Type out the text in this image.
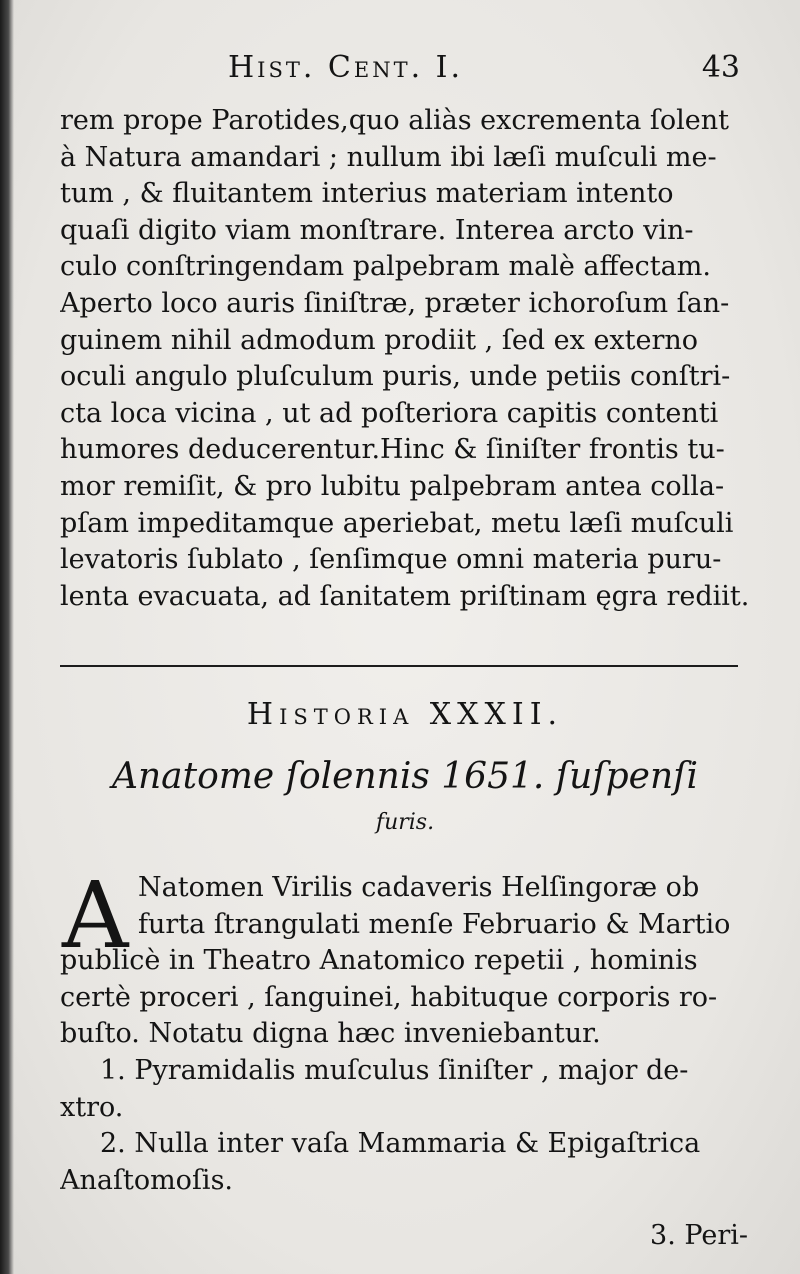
Hist. Cent. I.	43
rem prope Parotides,quo aliàs excrementa ſolent
à Natura amandari ; nullum ibi læſi muſculi me-
tum , & fluitantem interius materiam intento
quaſi digito viam monſtrare. Interea arcto vin-
culo conſtringendam palpebram malè affectam.
Aperto loco auris ſiniſtræ, præter ichoroſum ſan-
guinem nihil admodum prodiit , ſed ex externo
oculi angulo pluſculum puris, unde petiis conſtri-
cta loca vicina , ut ad poſteriora capitis contenti
humores deducerentur.Hinc & ſiniſter frontis tu-
mor remiſit, & pro lubitu palpebram antea colla-
pſam impeditamque aperiebat, metu læſi muſculi
levatoris ſublato , ſenſimque omni materia puru-
lenta evacuata, ad ſanitatem priſtinam ęgra rediit.
Historia XXXII.
Anatome ſolennis 1651. ſuſpenſi
furis.
A Natomen Virilis cadaveris Helſingoræ ob
furta ſtrangulati menſe Februario & Martio
publicè in Theatro Anatomico repetii , hominis
certè proceri , ſanguinei, habituque corporis ro-
buſto. Notatu digna hæc inveniebantur.
1. Pyramidalis muſculus ſiniſter , major de-
xtro.
2. Nulla inter vaſa Mammaria & Epigaſtrica
Anaſtomoſis.
3. Peri-
